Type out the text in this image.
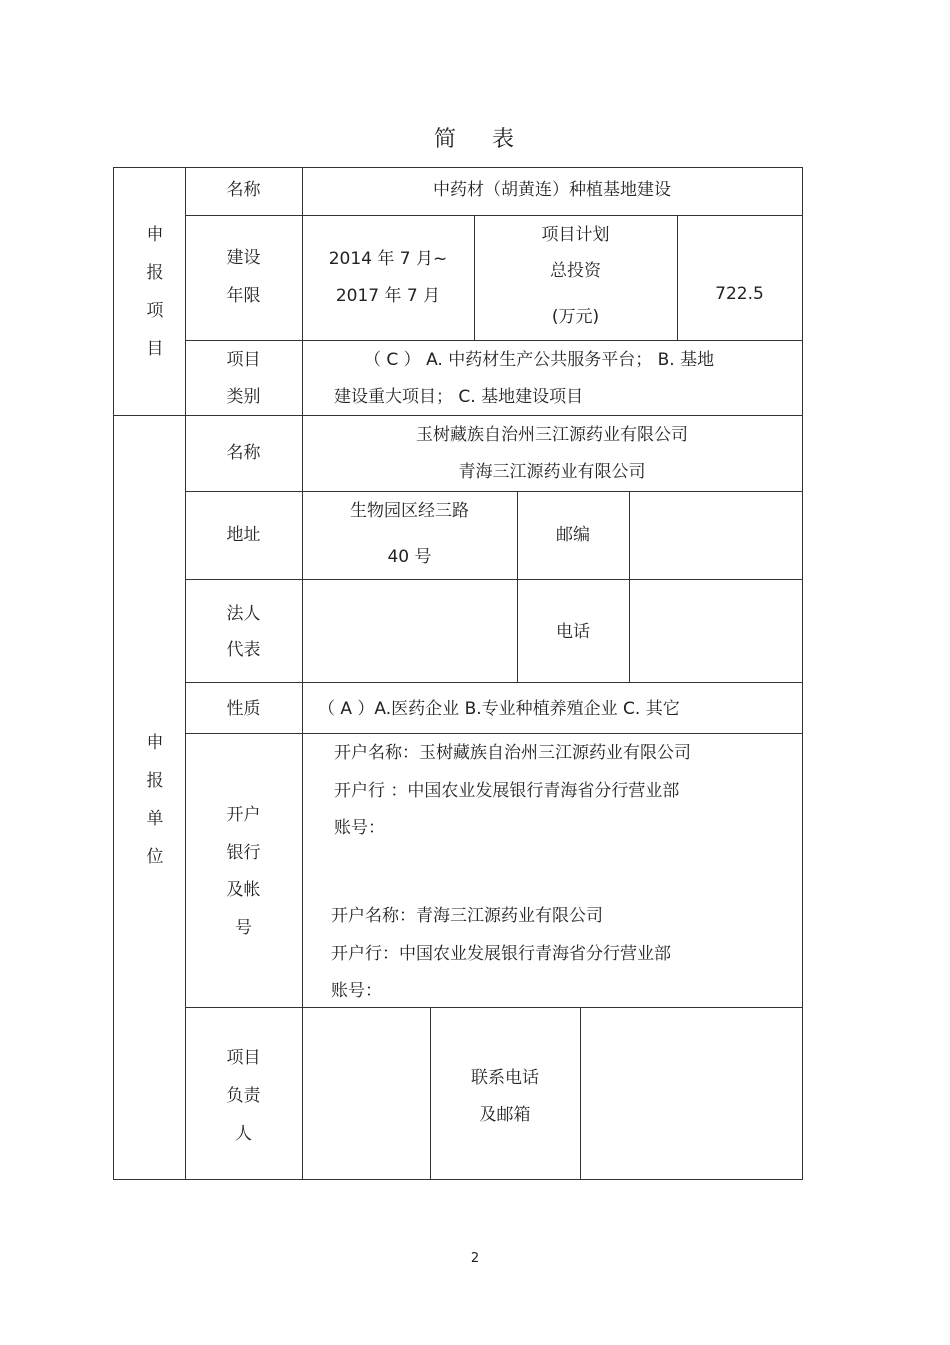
简 表
申
报
项
目
名称	中药材（胡黄连）种植基地建设
建设
年限
2014 年 7 月~
2017 年 7 月
项目计划
总投资
(万元)
722.5
项目
类别
（ C ） A. 中药材生产公共服务平台； B. 基地
建设重大项目； C. 基地建设项目
申
报
单
位
名称
玉树藏族自治州三江源药业有限公司
青海三江源药业有限公司
地址
生物园区经三路
40 号
邮编
法人
代表
电话
性质	（ A ）A.医药企业 B.专业种植养殖企业 C. 其它
开户
银行
及帐
号
开户名称：玉树藏族自治州三江源药业有限公司
开户行 ：中国农业发展银行青海省分行营业部
账号：
开户名称：青海三江源药业有限公司
开户行：中国农业发展银行青海省分行营业部
账号：
项目
负责
人
联系电话
及邮箱
2
